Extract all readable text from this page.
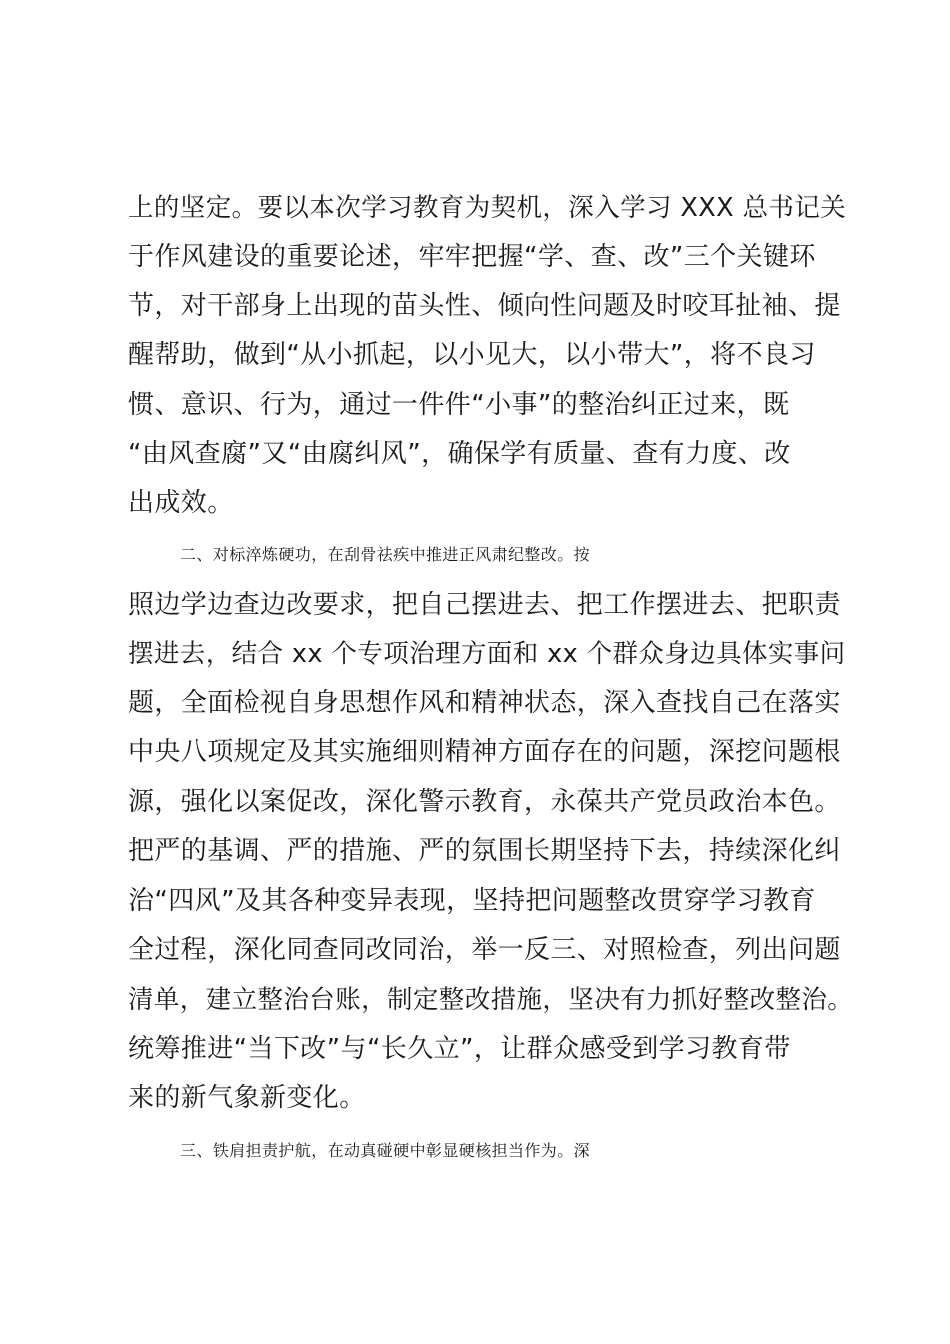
上的坚定。要以本次学习教育为契机，深入学习 XXX 总书记关
于作风建设的重要论述，牢牢把握“学、查、改”三个关键环
节，对干部身上出现的苗头性、倾向性问题及时咬耳扯袖、提
醒帮助，做到“从小抓起，以小见大，以小带大”，将不良习
惯、意识、行为，通过一件件“小事”的整治纠正过来，既
“由风查腐”又“由腐纠风”，确保学有质量、查有力度、改
出成效。
二、对标淬炼硬功，在刮骨祛疾中推进正风肃纪整改。按
照边学边查边改要求，把自己摆进去、把工作摆进去、把职责
摆进去，结合 xx 个专项治理方面和 xx 个群众身边具体实事问
题，全面检视自身思想作风和精神状态，深入查找自己在落实
中央八项规定及其实施细则精神方面存在的问题，深挖问题根
源，强化以案促改，深化警示教育，永葆共产党员政治本色。
把严的基调、严的措施、严的氛围长期坚持下去，持续深化纠
治“四风”及其各种变异表现，坚持把问题整改贯穿学习教育
全过程，深化同查同改同治，举一反三、对照检查，列出问题
清单，建立整治台账，制定整改措施，坚决有力抓好整改整治。
统筹推进“当下改”与“长久立”，让群众感受到学习教育带
来的新气象新变化。
三、铁肩担责护航，在动真碰硬中彰显硬核担当作为。深
